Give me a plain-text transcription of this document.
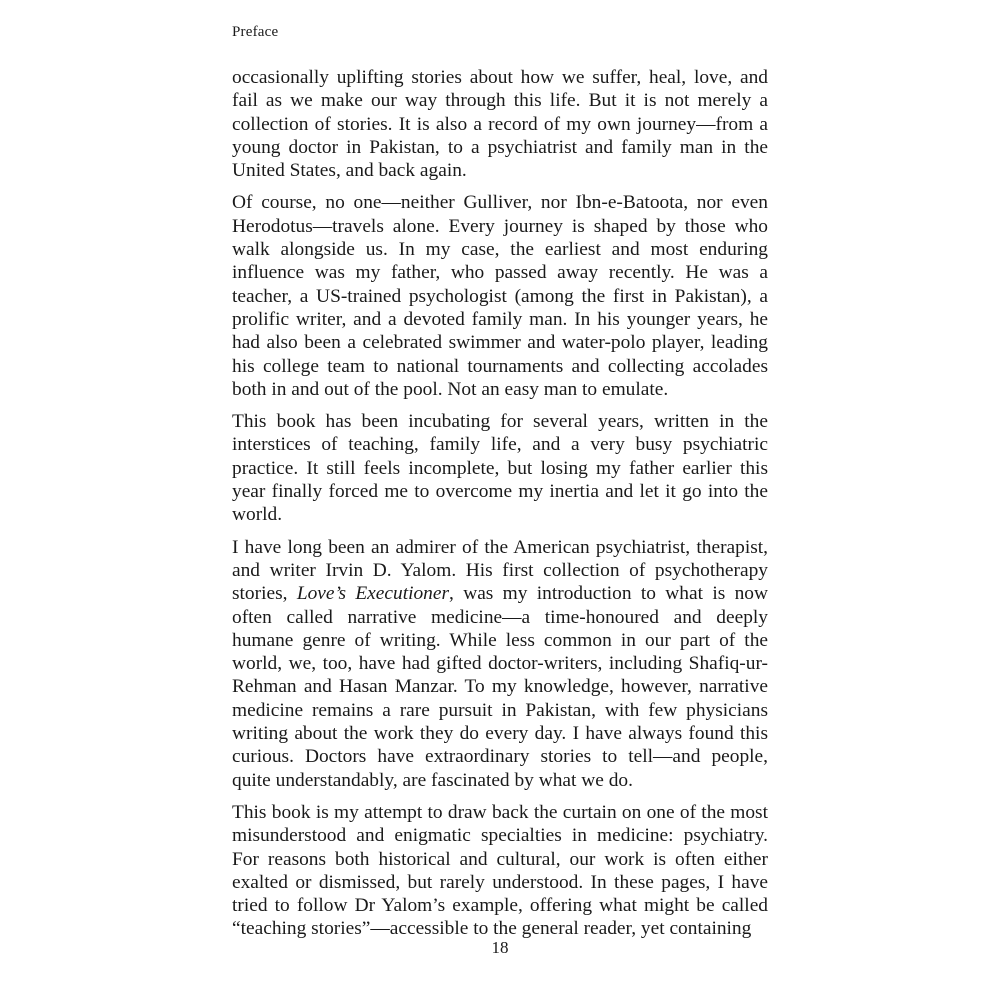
Preface

occasionally uplifting stories about how we suffer, heal, love, and fail as we make our way through this life. But it is not merely a collection of stories. It is also a record of my own journey—from a young doctor in Pakistan, to a psychiatrist and family man in the United States, and back again.

Of course, no one—neither Gulliver, nor Ibn-e-Batoota, nor even Herodotus—travels alone. Every journey is shaped by those who walk alongside us. In my case, the earliest and most enduring influence was my father, who passed away recently. He was a teacher, a US-trained psychologist (among the first in Pakistan), a prolific writer, and a devoted family man. In his younger years, he had also been a celebrated swimmer and water-polo player, leading his college team to national tournaments and collecting accolades both in and out of the pool. Not an easy man to emulate.

This book has been incubating for several years, written in the interstices of teaching, family life, and a very busy psychiatric practice. It still feels incomplete, but losing my father earlier this year finally forced me to overcome my inertia and let it go into the world.

I have long been an admirer of the American psychiatrist, therapist, and writer Irvin D. Yalom. His first collection of psychotherapy stories, Love’s Executioner, was my introduction to what is now often called narrative medicine—a time-honoured and deeply humane genre of writing. While less common in our part of the world, we, too, have had gifted doctor-writers, including Shafiq-ur-Rehman and Hasan Manzar. To my knowledge, however, narrative medicine remains a rare pursuit in Pakistan, with few physicians writing about the work they do every day. I have always found this curious. Doctors have extraordinary stories to tell—and people, quite understandably, are fascinated by what we do.

This book is my attempt to draw back the curtain on one of the most misunderstood and enigmatic specialties in medicine: psychiatry. For reasons both historical and cultural, our work is often either exalted or dismissed, but rarely understood. In these pages, I have tried to follow Dr Yalom’s example, offering what might be called “teaching stories”—accessible to the general reader, yet containing

18
